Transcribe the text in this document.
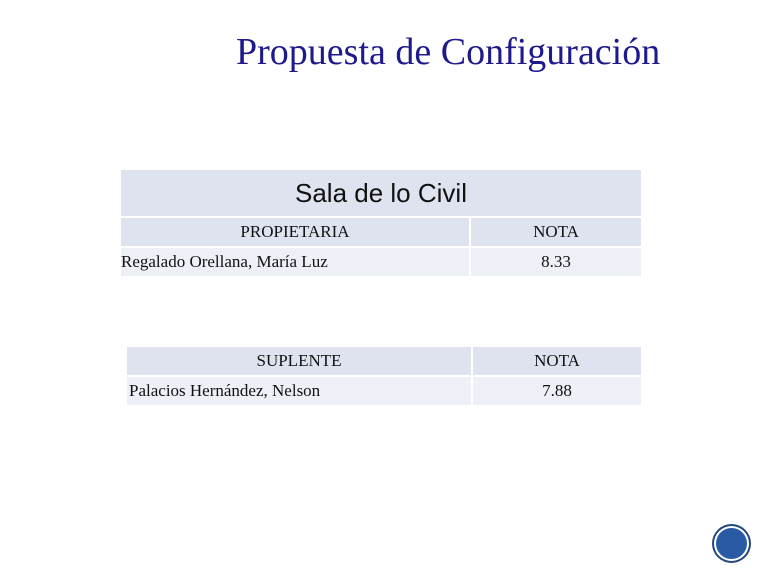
Propuesta de Configuración
Sala de lo Civil	
PROPIETARIA	NOTA
Regalado Orellana, María Luz	8.33
SUPLENTE	NOTA
Palacios Hernández, Nelson	7.88
